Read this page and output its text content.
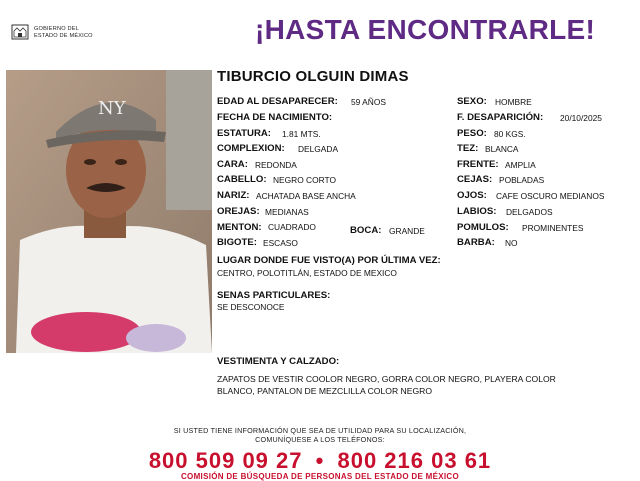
GOBIERNO DEL
ESTADO DE MÉXICO	¡HASTA ENCONTRARLE!
NY
TIBURCIO OLGUIN DIMAS
EDAD AL DESAPARECER: 59 AÑOS
FECHA DE NACIMIENTO:
ESTATURA: 1.81 MTS.
COMPLEXION: DELGADA
CARA: REDONDA
CABELLO: NEGRO CORTO
NARIZ: ACHATADA BASE ANCHA
OREJAS: MEDIANAS
MENTON: CUADRADO	BOCA: GRANDE
BIGOTE: ESCASO
SEXO: HOMBRE
F. DESAPARICIÓN: 20/10/2025
PESO: 80 KGS.
TEZ: BLANCA
FRENTE: AMPLIA
CEJAS: POBLADAS
OJOS: CAFE OSCURO MEDIANOS
LABIOS: DELGADOS
POMULOS: PROMINENTES
BARBA: NO
LUGAR DONDE FUE VISTO(A) POR ÚLTIMA VEZ:
CENTRO, POLOTITLÁN, ESTADO DE MEXICO
SENAS PARTICULARES:
SE DESCONOCE
VESTIMENTA Y CALZADO:
ZAPATOS DE VESTIR COOLOR NEGRO, GORRA COLOR NEGRO, PLAYERA COLOR
BLANCO, PANTALON DE MEZCLILLA COLOR NEGRO
SI USTED TIENE INFORMACIÓN QUE SEA DE UTILIDAD PARA SU LOCALIZACIÓN,
COMUNÍQUESE A LOS TELÉFONOS:
800 509 09 27 • 800 216 03 61
COMISIÓN DE BÚSQUEDA DE PERSONAS DEL ESTADO DE MÉXICO
